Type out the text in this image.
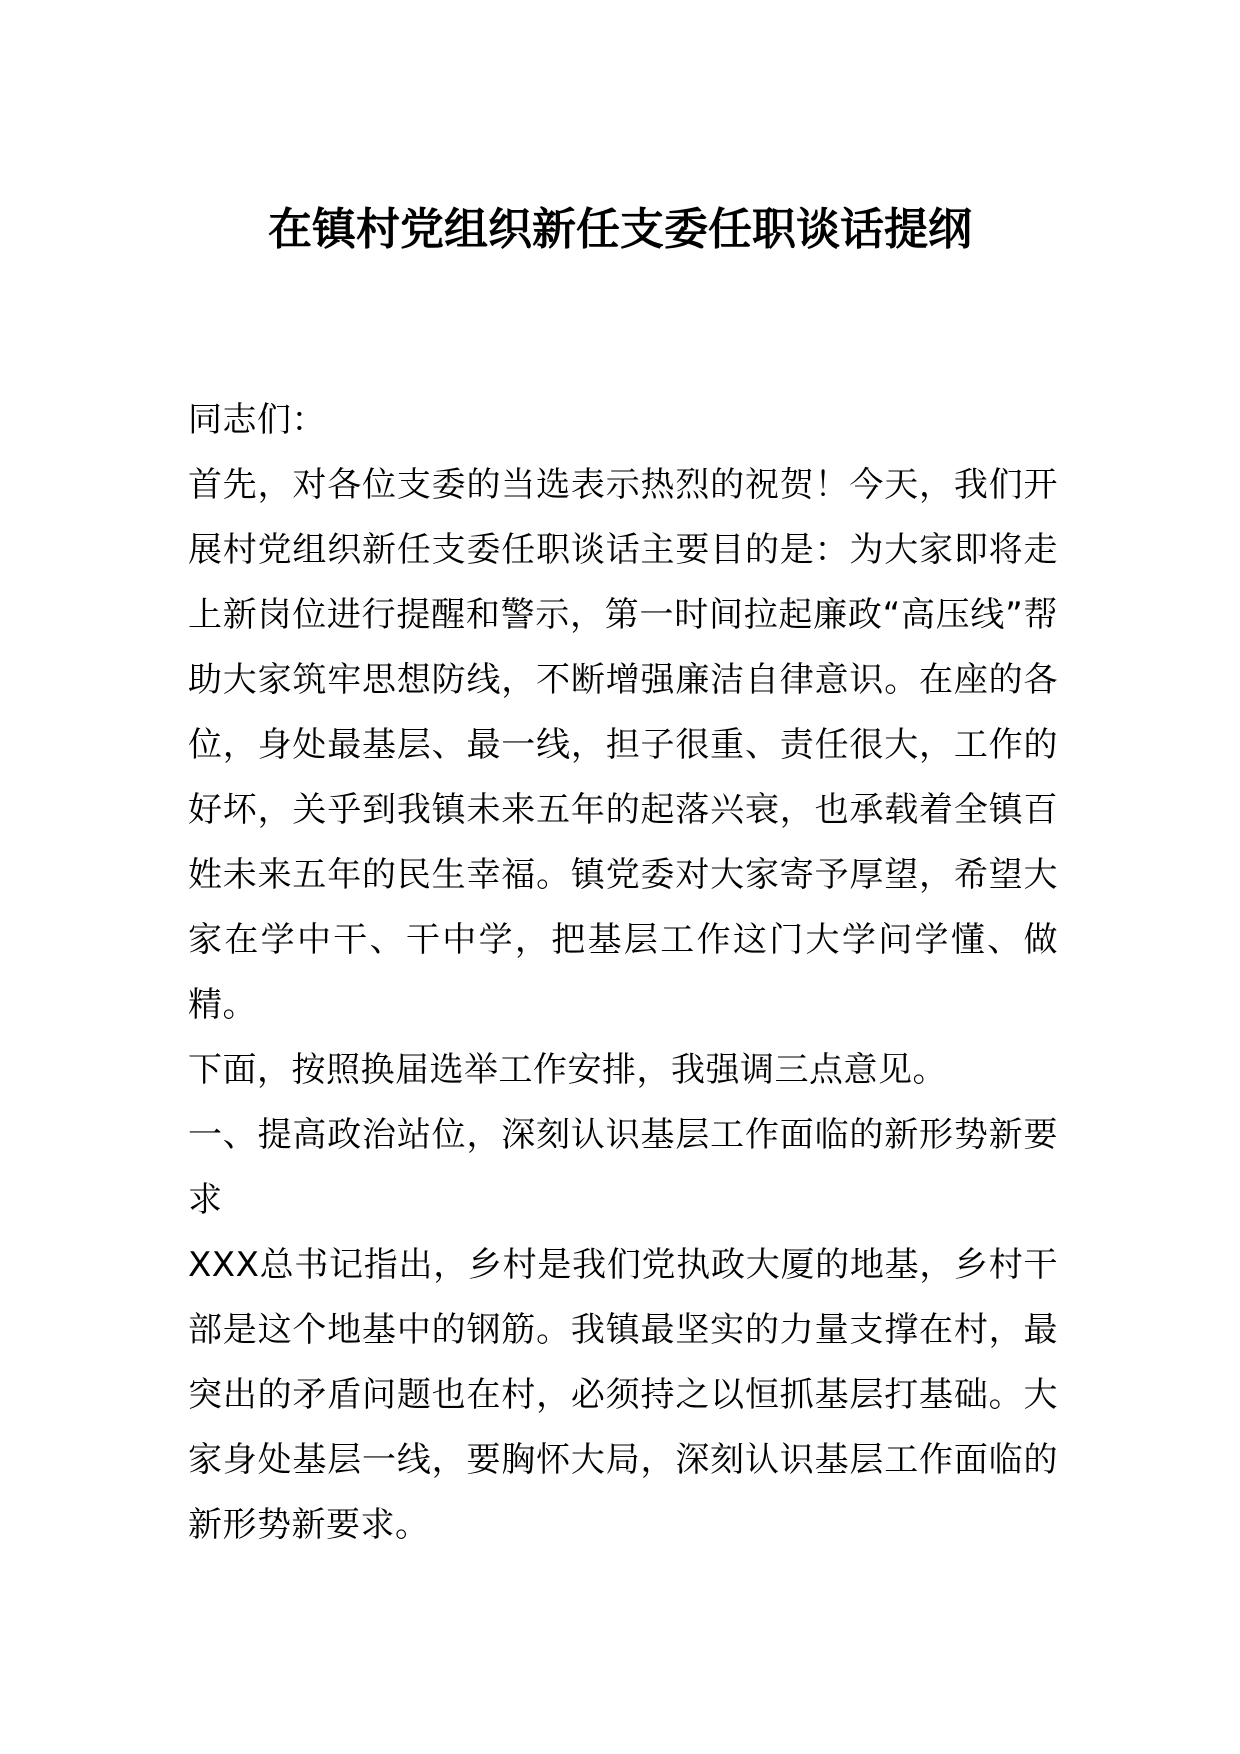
在镇村党组织新任支委任职谈话提纲

同志们：

首先，对各位支委的当选表示热烈的祝贺！今天，我们开展村党组织新任支委任职谈话主要目的是：为大家即将走上新岗位进行提醒和警示，第一时间拉起廉政“高压线”帮助大家筑牢思想防线，不断增强廉洁自律意识。在座的各位，身处最基层、最一线，担子很重、责任很大，工作的好坏，关乎到我镇未来五年的起落兴衰，也承载着全镇百姓未来五年的民生幸福。镇党委对大家寄予厚望，希望大家在学中干、干中学，把基层工作这门大学问学懂、做精。

下面，按照换届选举工作安排，我强调三点意见。

一、提高政治站位，深刻认识基层工作面临的新形势新要求

XXX总书记指出，乡村是我们党执政大厦的地基，乡村干部是这个地基中的钢筋。我镇最坚实的力量支撑在村，最突出的矛盾问题也在村，必须持之以恒抓基层打基础。大家身处基层一线，要胸怀大局，深刻认识基层工作面临的新形势新要求。
